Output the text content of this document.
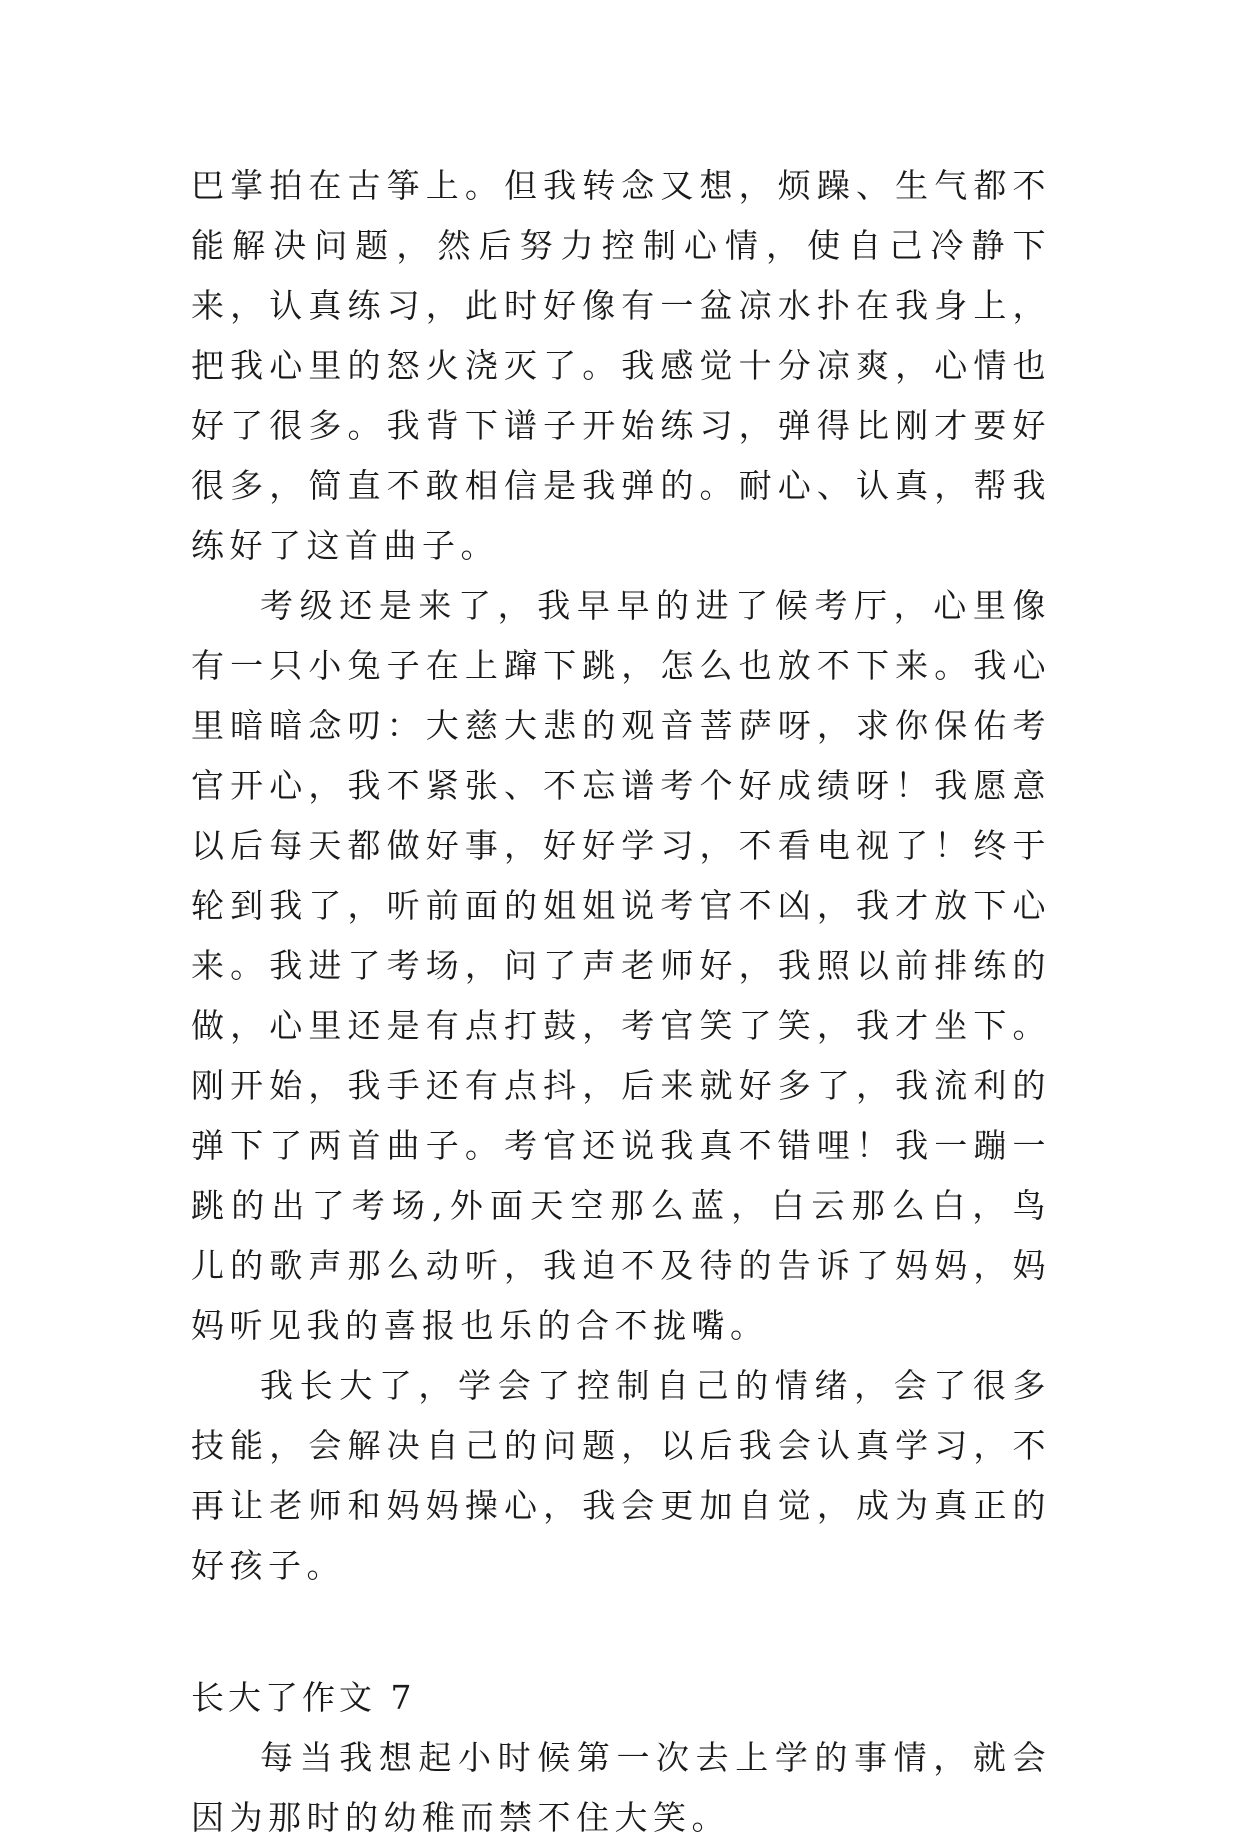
巴掌拍在古筝上。但我转念又想，烦躁、生气都不能解决问题，然后努力控制心情，使自己冷静下来，认真练习，此时好像有一盆凉水扑在我身上，把我心里的怒火浇灭了。我感觉十分凉爽，心情也好了很多。我背下谱子开始练习，弹得比刚才要好很多，简直不敢相信是我弹的。耐心、认真，帮我练好了这首曲子。

考级还是来了，我早早的进了候考厅，心里像有一只小兔子在上蹿下跳，怎么也放不下来。我心里暗暗念叨：大慈大悲的观音菩萨呀，求你保佑考官开心，我不紧张、不忘谱考个好成绩呀！我愿意以后每天都做好事，好好学习，不看电视了！终于轮到我了，听前面的姐姐说考官不凶，我才放下心来。我进了考场，问了声老师好，我照以前排练的做，心里还是有点打鼓，考官笑了笑，我才坐下。刚开始，我手还有点抖，后来就好多了，我流利的弹下了两首曲子。考官还说我真不错哩！我一蹦一跳的出了考场,外面天空那么蓝，白云那么白，鸟儿的歌声那么动听，我迫不及待的告诉了妈妈，妈妈听见我的喜报也乐的合不拢嘴。

我长大了，学会了控制自己的情绪，会了很多技能，会解决自己的问题，以后我会认真学习，不再让老师和妈妈操心，我会更加自觉，成为真正的好孩子。

长大了作文 7

每当我想起小时候第一次去上学的事情，就会因为那时的幼稚而禁不住大笑。
